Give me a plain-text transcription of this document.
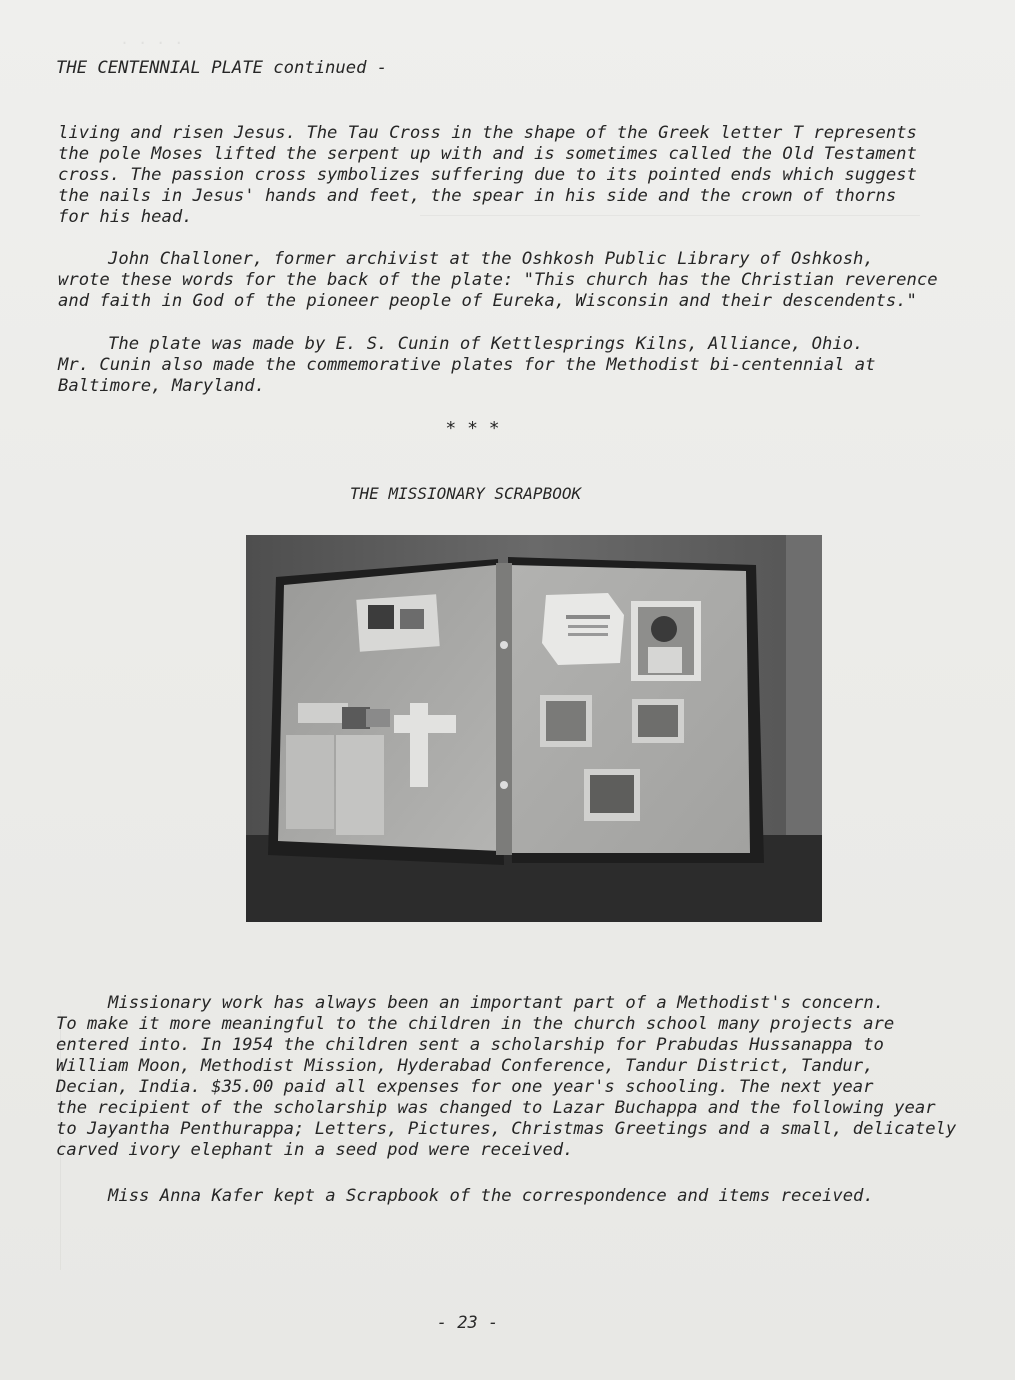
. . . .
THE CENTENNIAL PLATE continued -
living and risen Jesus. The Tau Cross in the shape of the Greek letter T represents
the pole Moses lifted the serpent up with and is sometimes called the Old Testament
cross. The passion cross symbolizes suffering due to its pointed ends which suggest
the nails in Jesus' hands and feet, the spear in his side and the crown of thorns
for his head.
John Challoner, former archivist at the Oshkosh Public Library of Oshkosh,
wrote these words for the back of the plate: "This church has the Christian reverence
and faith in God of the pioneer people of Eureka, Wisconsin and their descendents."
The plate was made by E. S. Cunin of Kettlesprings Kilns, Alliance, Ohio.
Mr. Cunin also made the commemorative plates for the Methodist bi-centennial at
Baltimore, Maryland.
* * *
THE MISSIONARY SCRAPBOOK
Missionary work has always been an important part of a Methodist's concern.
To make it more meaningful to the children in the church school many projects are
entered into. In 1954 the children sent a scholarship for Prabudas Hussanappa to
William Moon, Methodist Mission, Hyderabad Conference, Tandur District, Tandur,
Decian, India. $35.00 paid all expenses for one year's schooling. The next year
the recipient of the scholarship was changed to Lazar Buchappa and the following year
to Jayantha Penthurappa; Letters, Pictures, Christmas Greetings and a small, delicately
carved ivory elephant in a seed pod were received.
Miss Anna Kafer kept a Scrapbook of the correspondence and items received.
- 23 -
